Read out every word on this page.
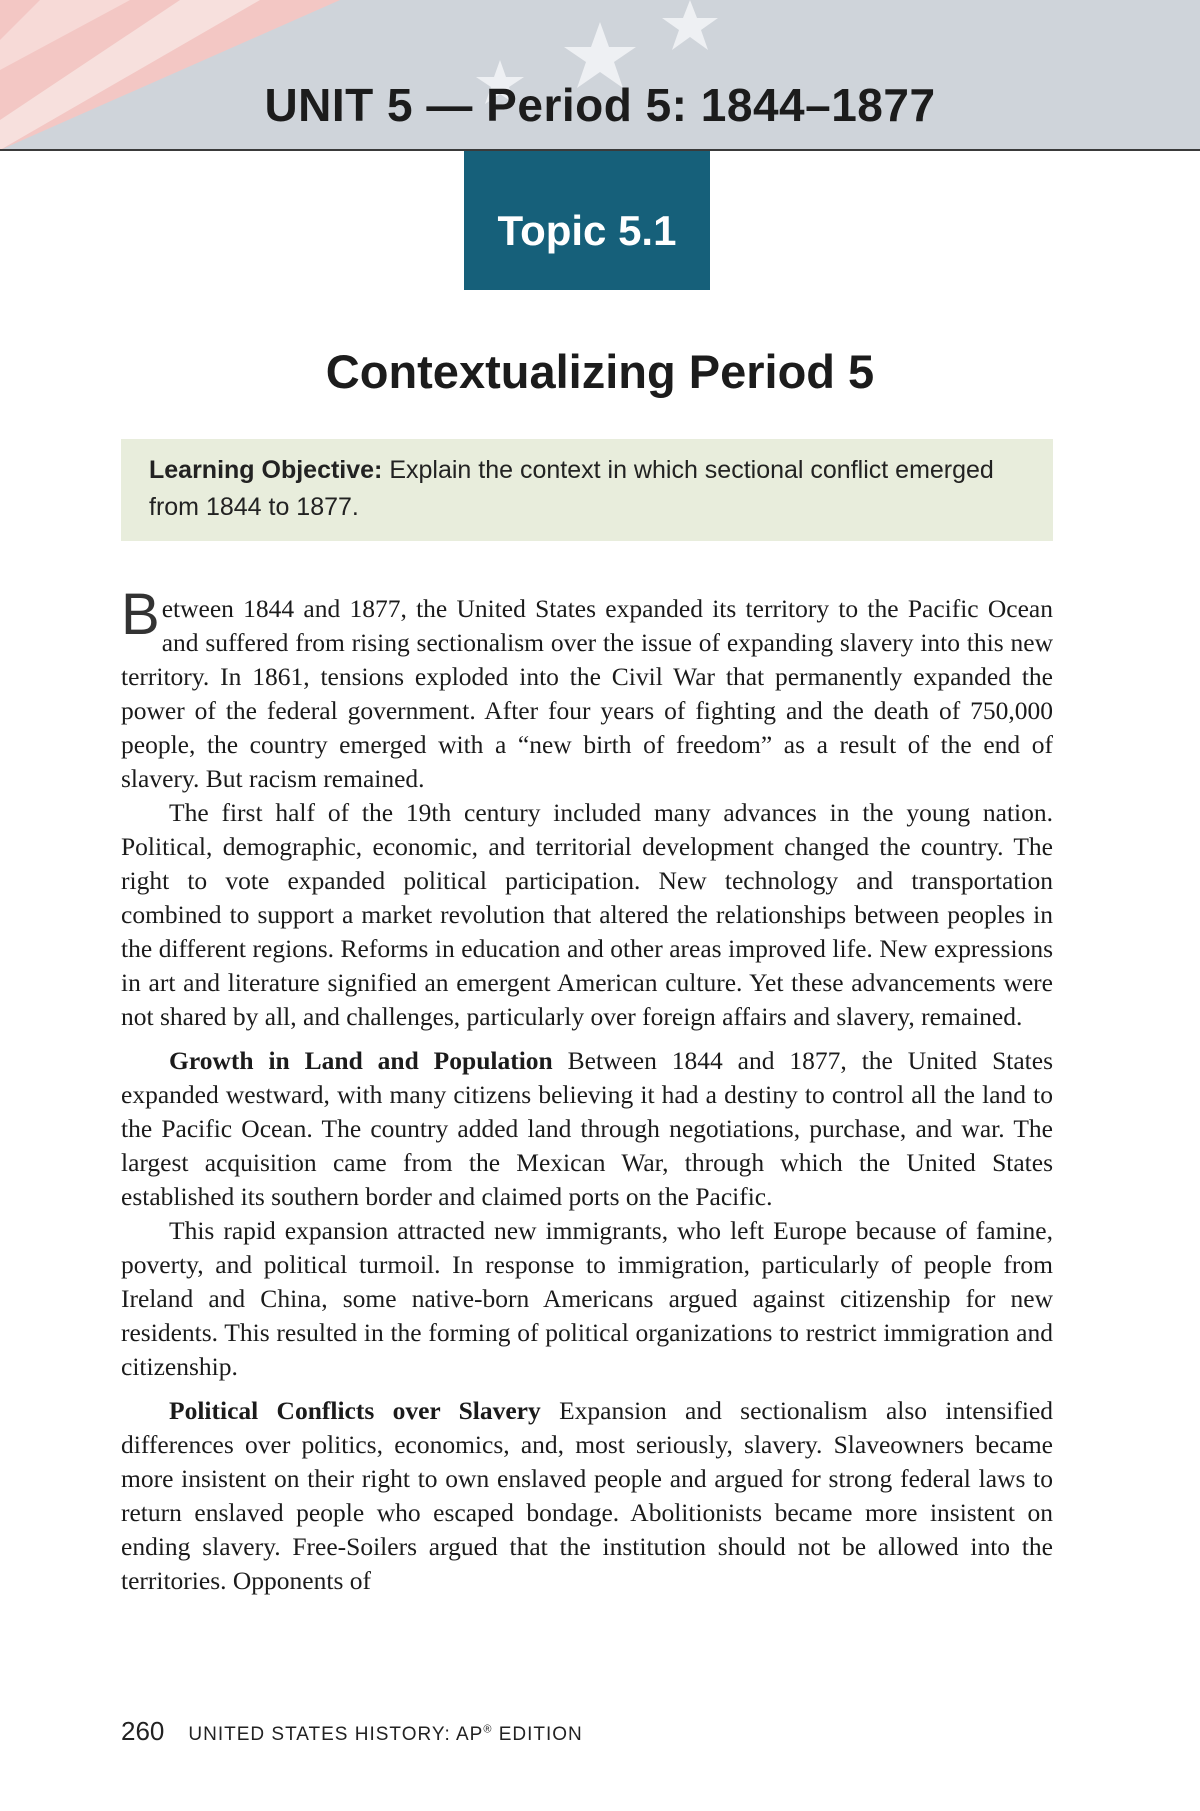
UNIT 5 — Period 5: 1844–1877
Topic 5.1
Contextualizing Period 5
Learning Objective: Explain the context in which sectional conflict emerged from 1844 to 1877.

Between 1844 and 1877, the United States expanded its territory to the Pacific Ocean and suffered from rising sectionalism over the issue of expanding slavery into this new territory. In 1861, tensions exploded into the Civil War that permanently expanded the power of the federal government. After four years of fighting and the death of 750,000 people, the country emerged with a “new birth of freedom” as a result of the end of slavery. But racism remained.

The first half of the 19th century included many advances in the young nation. Political, demographic, economic, and territorial development changed the country. The right to vote expanded political participation. New technology and transportation combined to support a market revolution that altered the relationships between peoples in the different regions. Reforms in education and other areas improved life. New expressions in art and literature signified an emergent American culture. Yet these advancements were not shared by all, and challenges, particularly over foreign affairs and slavery, remained.

Growth in Land and Population Between 1844 and 1877, the United States expanded westward, with many citizens believing it had a destiny to control all the land to the Pacific Ocean. The country added land through negotiations, purchase, and war. The largest acquisition came from the Mexican War, through which the United States established its southern border and claimed ports on the Pacific.

This rapid expansion attracted new immigrants, who left Europe because of famine, poverty, and political turmoil. In response to immigration, particularly of people from Ireland and China, some native-born Americans argued against citizenship for new residents. This resulted in the forming of political organizations to restrict immigration and citizenship.

Political Conflicts over Slavery Expansion and sectionalism also intensified differences over politics, economics, and, most seriously, slavery. Slaveowners became more insistent on their right to own enslaved people and argued for strong federal laws to return enslaved people who escaped bondage. Abolitionists became more insistent on ending slavery. Free-Soilers argued that the institution should not be allowed into the territories. Opponents of

260 UNITED STATES HISTORY: AP® EDITION
